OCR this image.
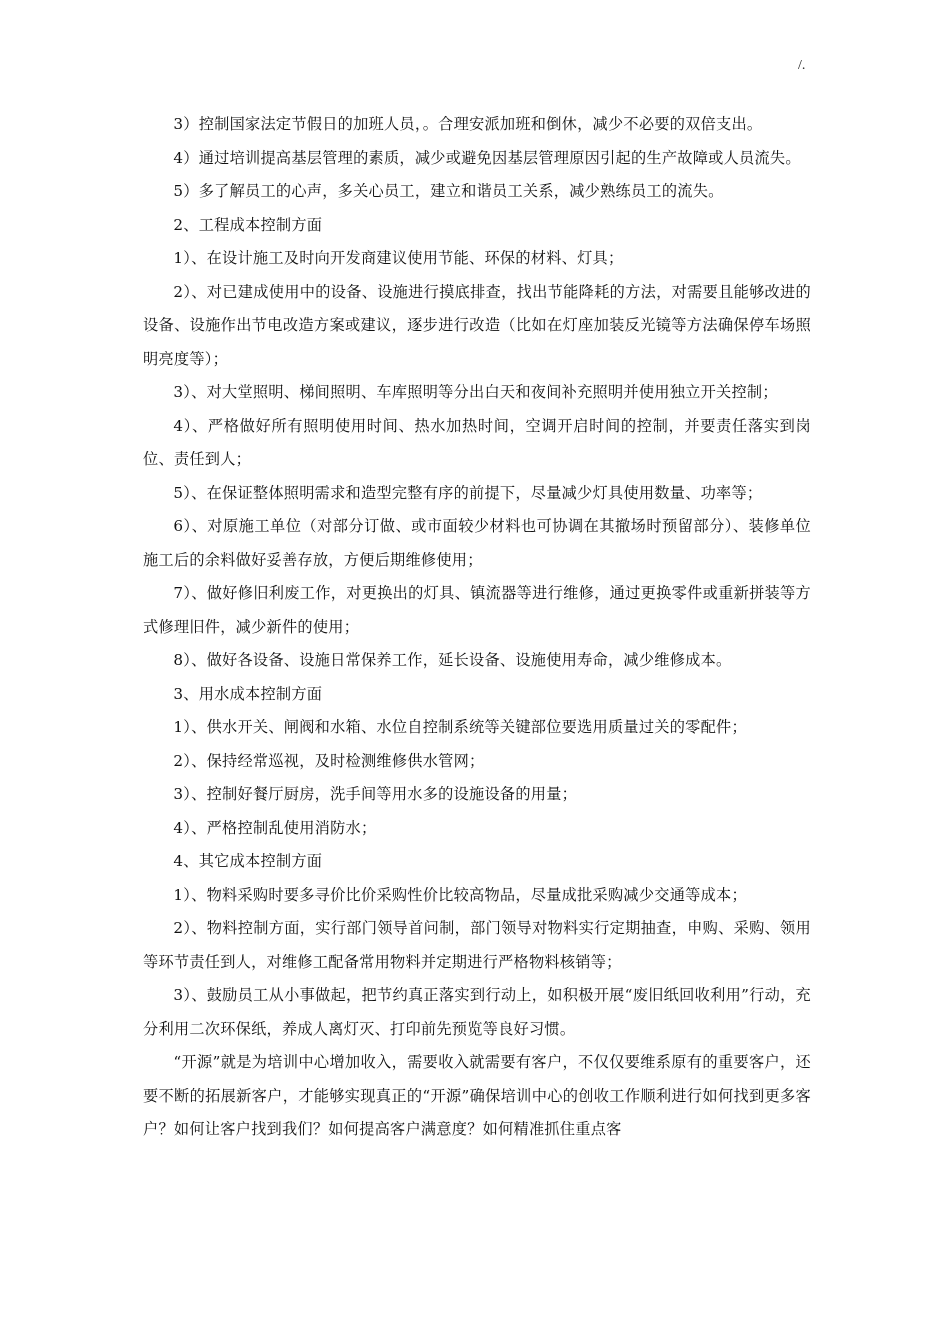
/.

3）控制国家法定节假日的加班人员，。合理安派加班和倒休，减少不必要的双倍支出。

4）通过培训提高基层管理的素质，减少或避免因基层管理原因引起的生产故障或人员流失。

5）多了解员工的心声，多关心员工，建立和谐员工关系，减少熟练员工的流失。

2、工程成本控制方面

1）、在设计施工及时向开发商建议使用节能、环保的材料、灯具；

2）、对已建成使用中的设备、设施进行摸底排查，找出节能降耗的方法，对需要且能够改进的设备、设施作出节电改造方案或建议，逐步进行改造（比如在灯座加装反光镜等方法确保停车场照明亮度等）；

3）、对大堂照明、梯间照明、车库照明等分出白天和夜间补充照明并使用独立开关控制；

4）、严格做好所有照明使用时间、热水加热时间，空调开启时间的控制，并要责任落实到岗位、责任到人；

5）、在保证整体照明需求和造型完整有序的前提下，尽量减少灯具使用数量、功率等；

6）、对原施工单位（对部分订做、或市面较少材料也可协调在其撤场时预留部分）、装修单位施工后的余料做好妥善存放，方便后期维修使用；

7）、做好修旧利废工作，对更换出的灯具、镇流器等进行维修，通过更换零件或重新拼装等方式修理旧件，减少新件的使用；

8）、做好各设备、设施日常保养工作，延长设备、设施使用寿命，减少维修成本。

3、用水成本控制方面

1）、供水开关、闸阀和水箱、水位自控制系统等关键部位要选用质量过关的零配件；

2）、保持经常巡视，及时检测维修供水管网；

3）、控制好餐厅厨房，洗手间等用水多的设施设备的用量；

4）、严格控制乱使用消防水；

4、其它成本控制方面

1）、物料采购时要多寻价比价采购性价比较高物品，尽量成批采购减少交通等成本；

2）、物料控制方面，实行部门领导首问制，部门领导对物料实行定期抽查，申购、采购、领用等环节责任到人，对维修工配备常用物料并定期进行严格物料核销等；

3）、鼓励员工从小事做起，把节约真正落实到行动上，如积极开展“废旧纸回收利用”行动，充分利用二次环保纸，养成人离灯灭、打印前先预览等良好习惯。

“开源”就是为培训中心增加收入，需要收入就需要有客户，不仅仅要维系原有的重要客户，还要不断的拓展新客户，才能够实现真正的“开源”确保培训中心的创收工作顺利进行如何找到更多客户？如何让客户找到我们？如何提高客户满意度？如何精准抓住重点客
